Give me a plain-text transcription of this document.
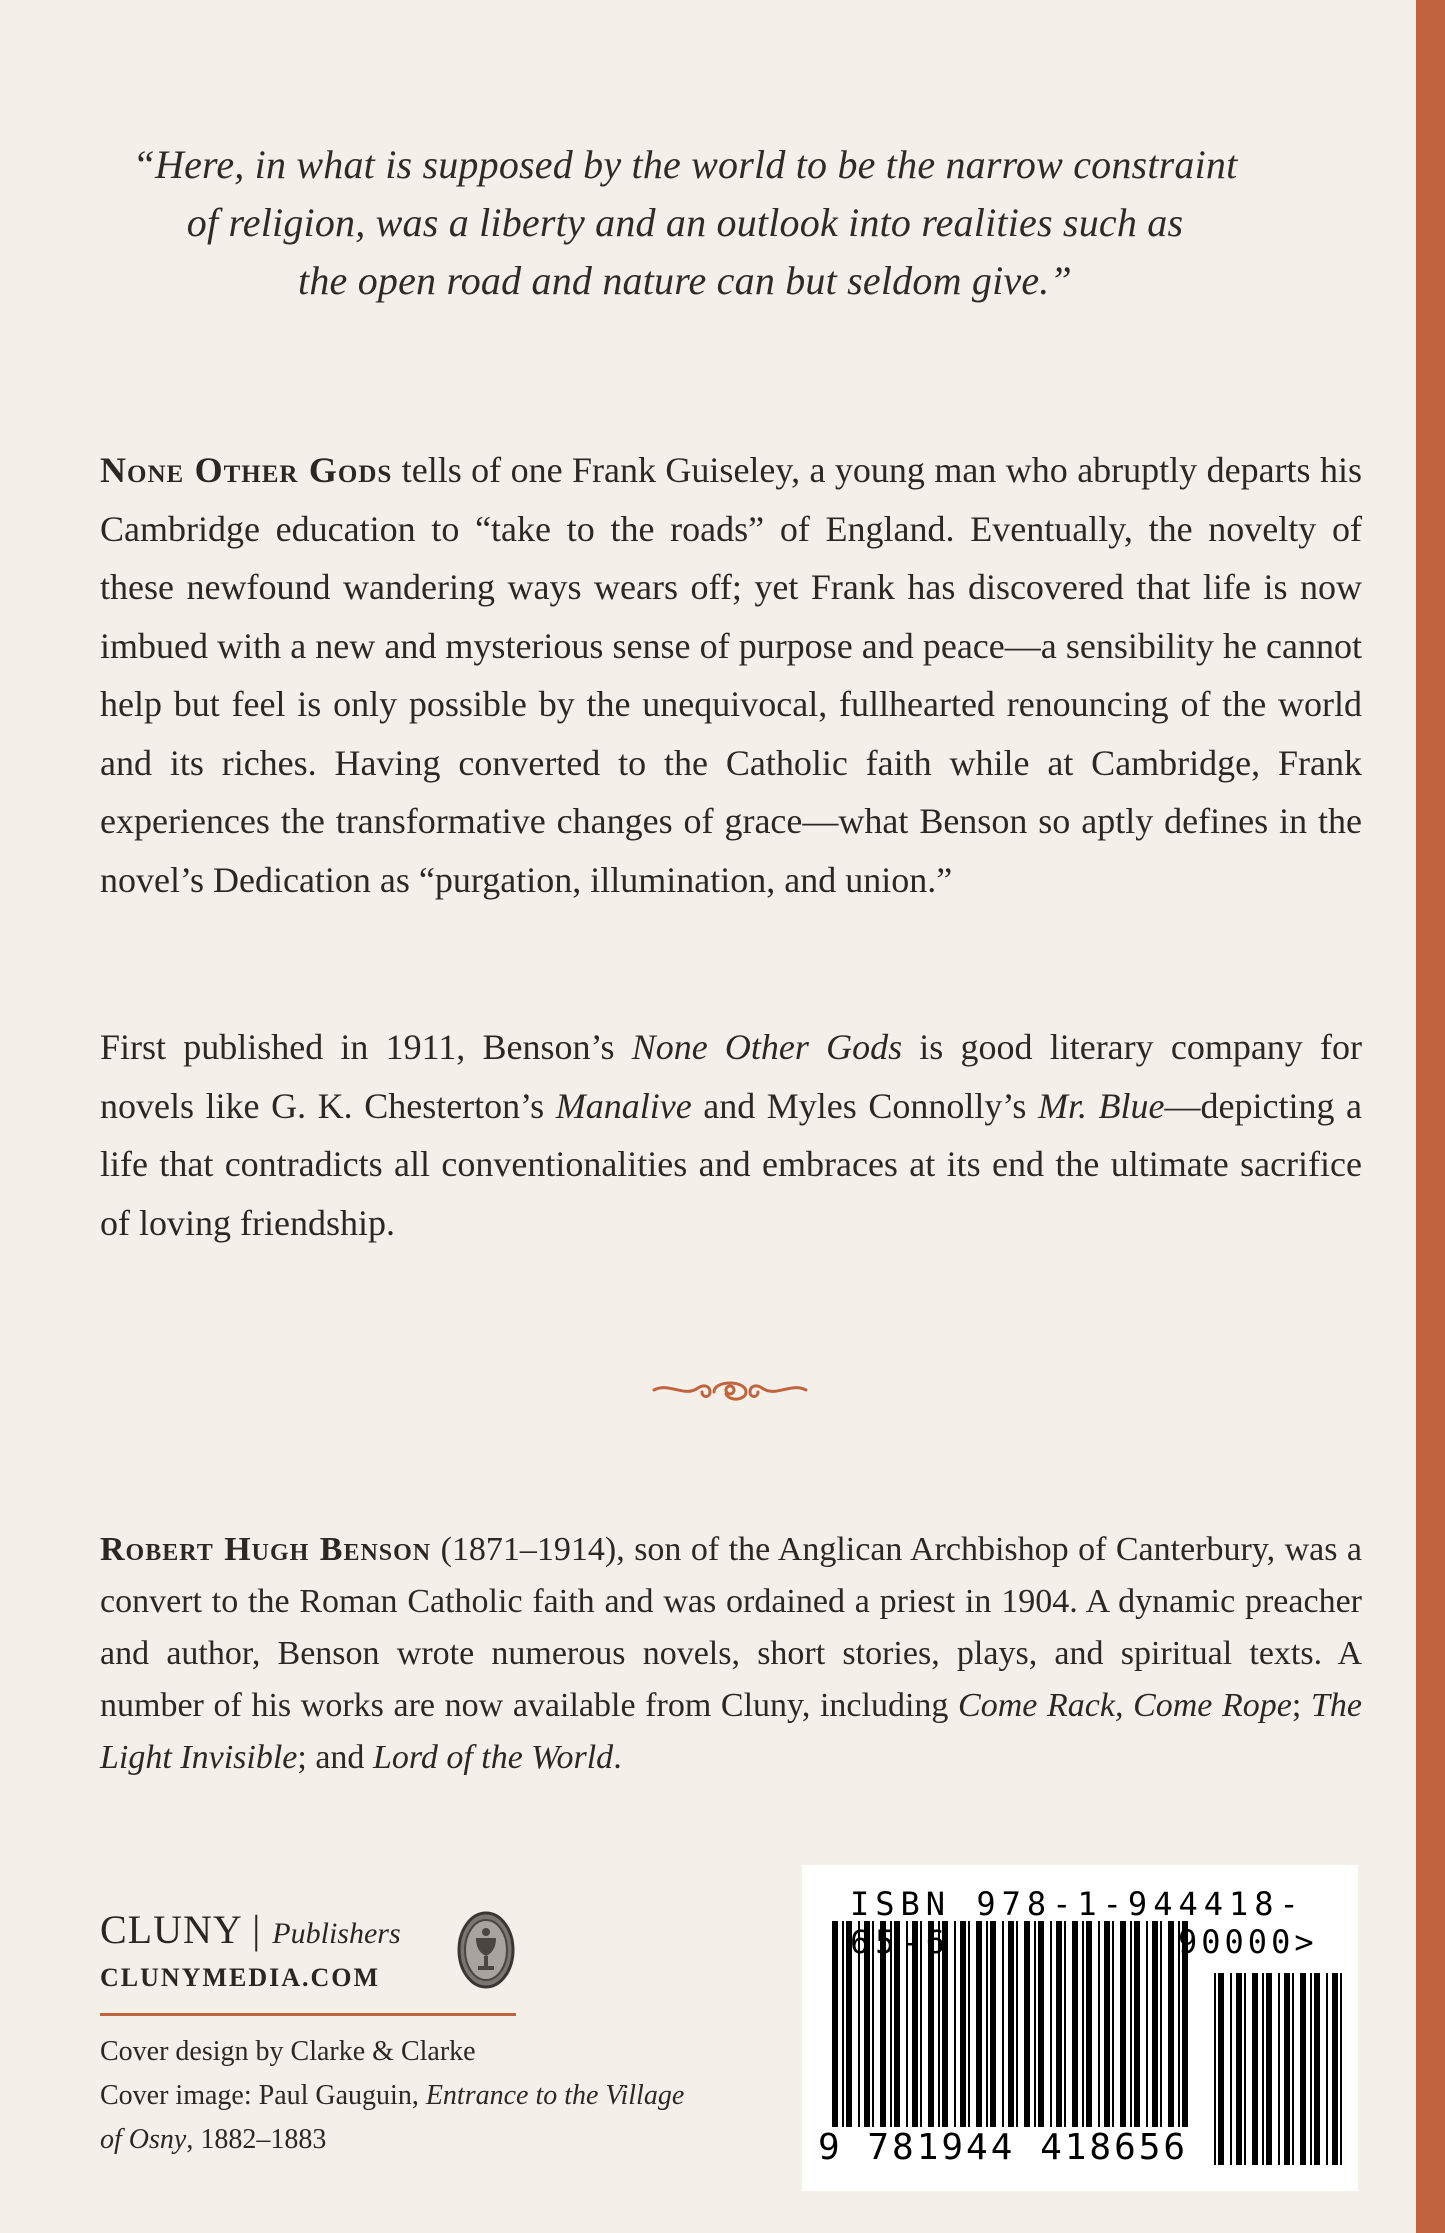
“Here, in what is supposed by the world to be the narrow constraint
of religion, was a liberty and an outlook into realities such as
the open road and nature can but seldom give.”
None Other Gods tells of one Frank Guiseley, a young man who abruptly departs his Cambridge education to “take to the roads” of England. Eventually, the novelty of these newfound wandering ways wears off; yet Frank has discovered that life is now imbued with a new and mysterious sense of purpose and peace—a sensibility he cannot help but feel is only possible by the unequivocal, fullhearted renouncing of the world and its riches. Having converted to the Catholic faith while at Cambridge, Frank experiences the transformative changes of grace—what Benson so aptly defines in the novel’s Dedication as “purgation, illumination, and union.”
First published in 1911, Benson’s None Other Gods is good literary company for novels like G. K. Chesterton’s Manalive and Myles Connolly’s Mr. Blue—depicting a life that contradicts all conventionalities and embraces at its end the ultimate sacrifice of loving friendship.
Robert Hugh Benson (1871–1914), son of the Anglican Archbishop of Canterbury, was a convert to the Roman Catholic faith and was ordained a priest in 1904. A dynamic preacher and author, Benson wrote numerous novels, short stories, plays, and spiritual texts. A number of his works are now available from Cluny, including Come Rack, Come Rope; The Light Invisible; and Lord of the World.
CLUNY | Publishers
CLUNYMEDIA.COM
Cover design by Clarke & Clarke
Cover image: Paul Gauguin, Entrance to the Village of Osny, 1882–1883
ISBN 978-1-944418-65-6	90000>
9 781944 418656
